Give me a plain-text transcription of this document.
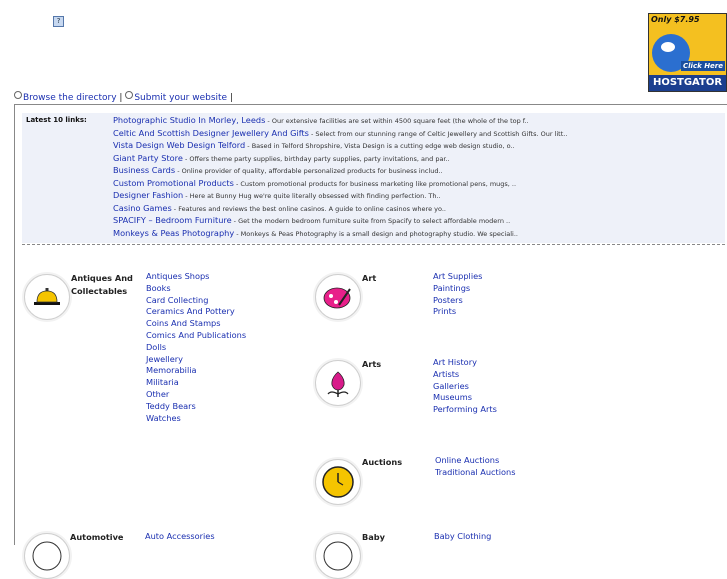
?	Only $7.95
Click Here
HOSTGATOR
Browse the directory | Submit your website |
Latest 10 links:	Photographic Studio In Morley, Leeds - Our extensive facilities are set within 4500 square feet (the whole of the top f..
Celtic And Scottish Designer Jewellery And Gifts - Select from our stunning range of Celtic Jewellery and Scottish Gifts. Our litt..
Vista Design Web Design Telford - Based in Telford Shropshire, Vista Design is a cutting edge web design studio, o..
Giant Party Store - Offers theme party supplies, birthday party supplies, party invitations, and par..
Business Cards - Online provider of quality, affordable personalized products for business includ..
Custom Promotional Products - Custom promotional products for business marketing like promotional pens, mugs, ..
Designer Fashion - Here at Bunny Hug we're quite literally obsessed with finding perfection. Th..
Casino Games - Features and reviews the best online casinos. A guide to online casinos where yo..
SPACIFY – Bedroom Furniture - Get the modern bedroom furniture suite from Spacify to select affordable modern ..
Monkeys & Peas Photography - Monkeys & Peas Photography is a small design and photography studio. We speciali..
Antiques And Collectables
Antiques Shops
Books
Card Collecting
Ceramics And Pottery
Coins And Stamps
Comics And Publications
Dolls
Jewellery
Memorabilia
Militaria
Other
Teddy Bears
Watches
Art	Art Supplies
Paintings
Posters
Prints
Arts	Art History
Artists
Galleries
Museums
Performing Arts
Auctions	Online Auctions
Traditional Auctions
Automotive	Auto Accessories	Baby	Baby Clothing
